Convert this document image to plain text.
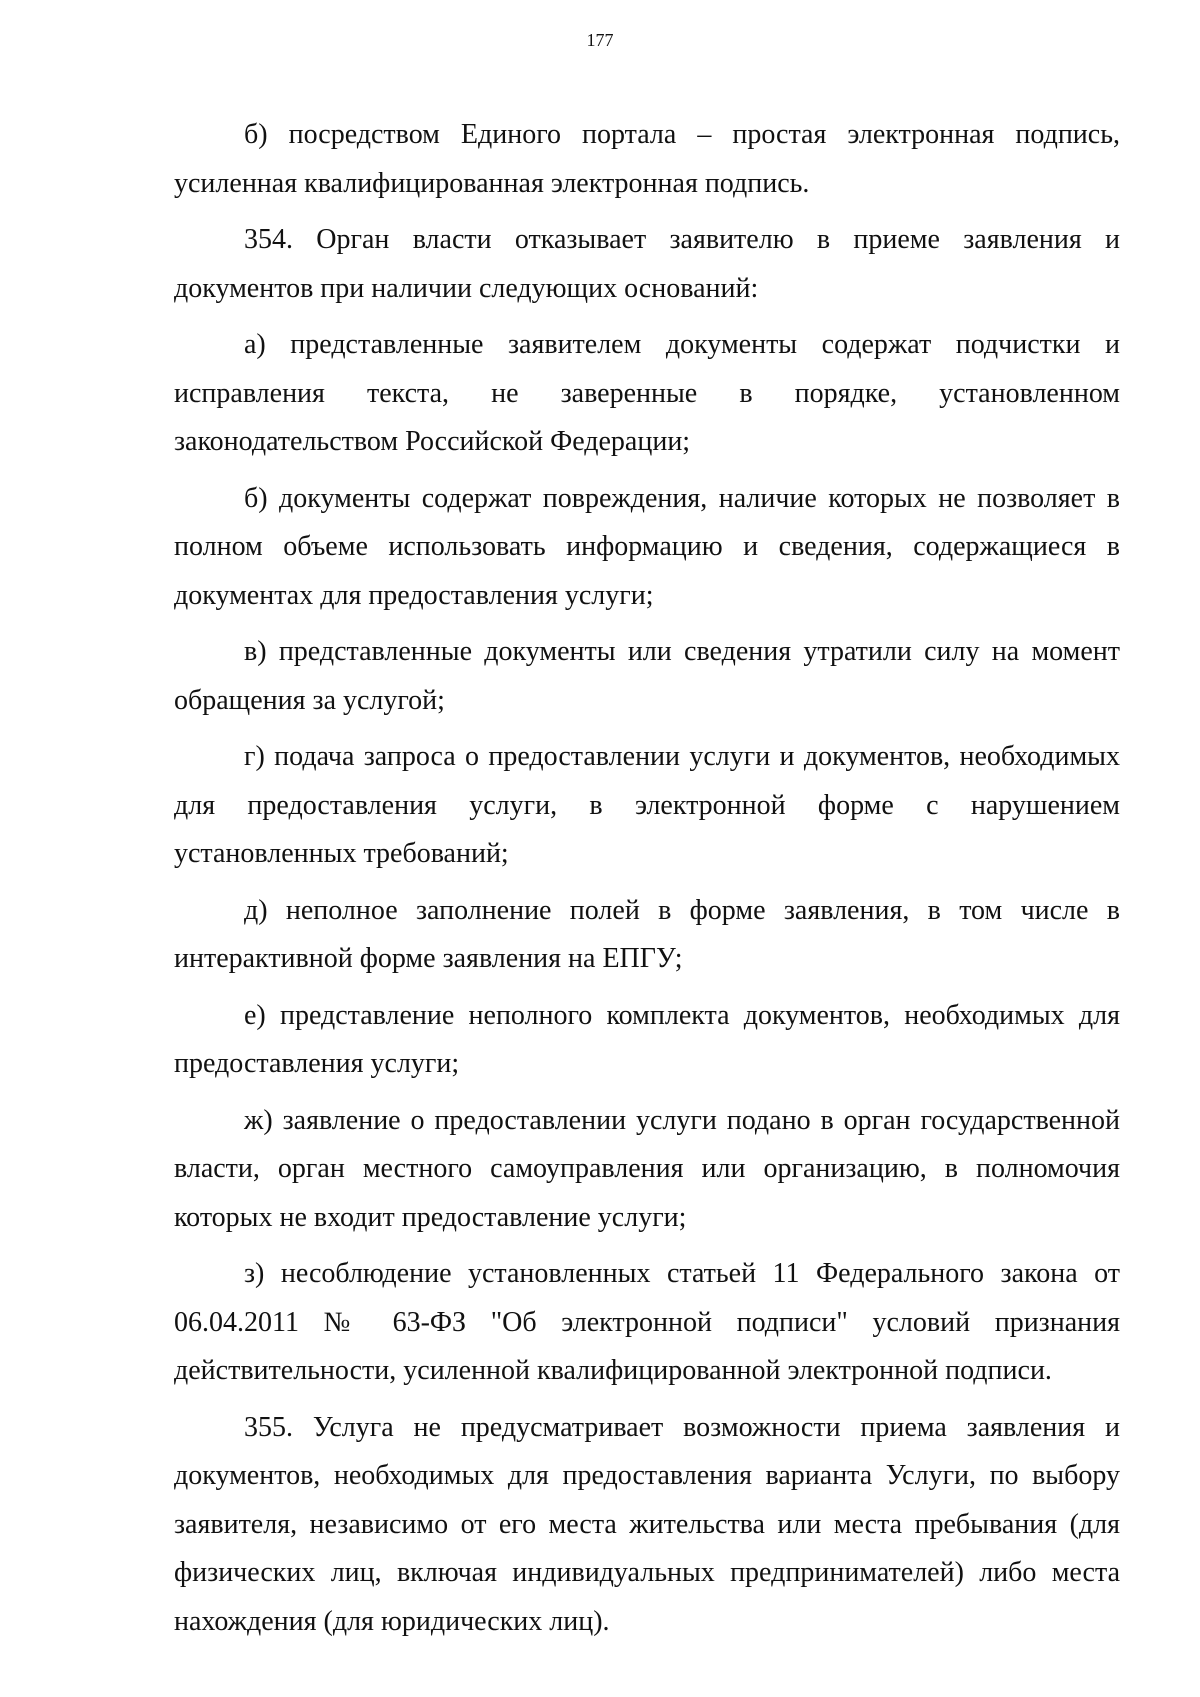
177

б) посредством Единого портала – простая электронная подпись, усиленная квалифицированная электронная подпись.

354. Орган власти отказывает заявителю в приеме заявления и документов при наличии следующих оснований:

а) представленные заявителем документы содержат подчистки и исправления текста, не заверенные в порядке, установленном законодательством Российской Федерации;

б) документы содержат повреждения, наличие которых не позволяет в полном объеме использовать информацию и сведения, содержащиеся в документах для предоставления услуги;

в) представленные документы или сведения утратили силу на момент обращения за услугой;

г) подача запроса о предоставлении услуги и документов, необходимых для предоставления услуги, в электронной форме с нарушением установленных требований;

д) неполное заполнение полей в форме заявления, в том числе в интерактивной форме заявления на ЕПГУ;

е) представление неполного комплекта документов, необходимых для предоставления услуги;

ж) заявление о предоставлении услуги подано в орган государственной власти, орган местного самоуправления или организацию, в полномочия которых не входит предоставление услуги;

з) несоблюдение установленных статьей 11 Федерального закона от 06.04.2011 № 63-ФЗ "Об электронной подписи" условий признания действительности, усиленной квалифицированной электронной подписи.

355. Услуга не предусматривает возможности приема заявления и документов, необходимых для предоставления варианта Услуги, по выбору заявителя, независимо от его места жительства или места пребывания (для физических лиц, включая индивидуальных предпринимателей) либо места нахождения (для юридических лиц).
